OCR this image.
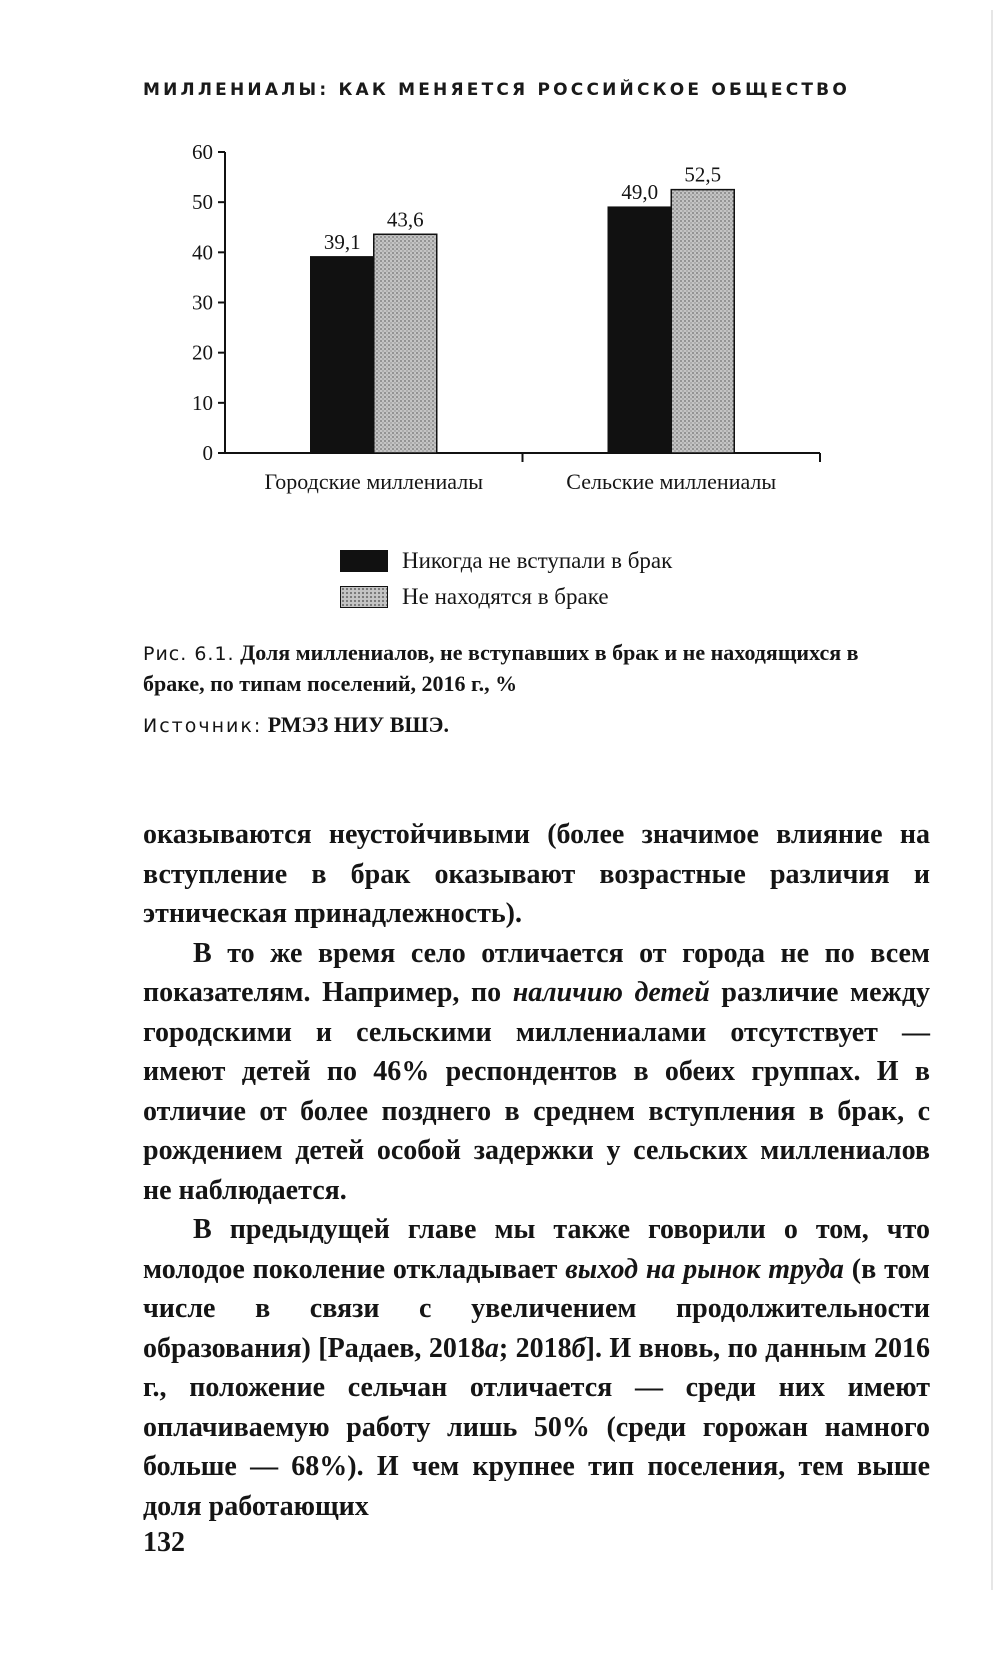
МИЛЛЕНИАЛЫ: КАК МЕНЯЕТСЯ РОССИЙСКОЕ ОБЩЕСТВО
0
10
20
30
40
50
60
39,1
43,6
Городские миллениалы
49,0
52,5
Сельские миллениалы
Никогда не вступали в брак
Не находятся в браке
Рис. 6.1. Доля миллениалов, не вступавших в брак и не находящихся в браке, по типам поселений, 2016 г., %
Источник: РМЭЗ НИУ ВШЭ.

оказываются неустойчивыми (более значимое влияние на вступление в брак оказывают возрастные различия и этническая принадлежность).

В то же время село отличается от города не по всем показателям. Например, по наличию детей различие между городскими и сельскими миллениалами отсутствует — имеют детей по 46% респондентов в обеих группах. И в отличие от более позднего в среднем вступления в брак, с рождением детей особой задержки у сельских миллениалов не наблюдается.

В предыдущей главе мы также говорили о том, что молодое поколение откладывает выход на рынок труда (в том числе в связи с увеличением продолжительности образования) [Радаев, 2018а; 2018б]. И вновь, по данным 2016 г., положение сельчан отличается — среди них имеют оплачиваемую работу лишь 50% (среди горожан намного больше — 68%). И чем крупнее тип поселения, тем выше доля работающих

132
